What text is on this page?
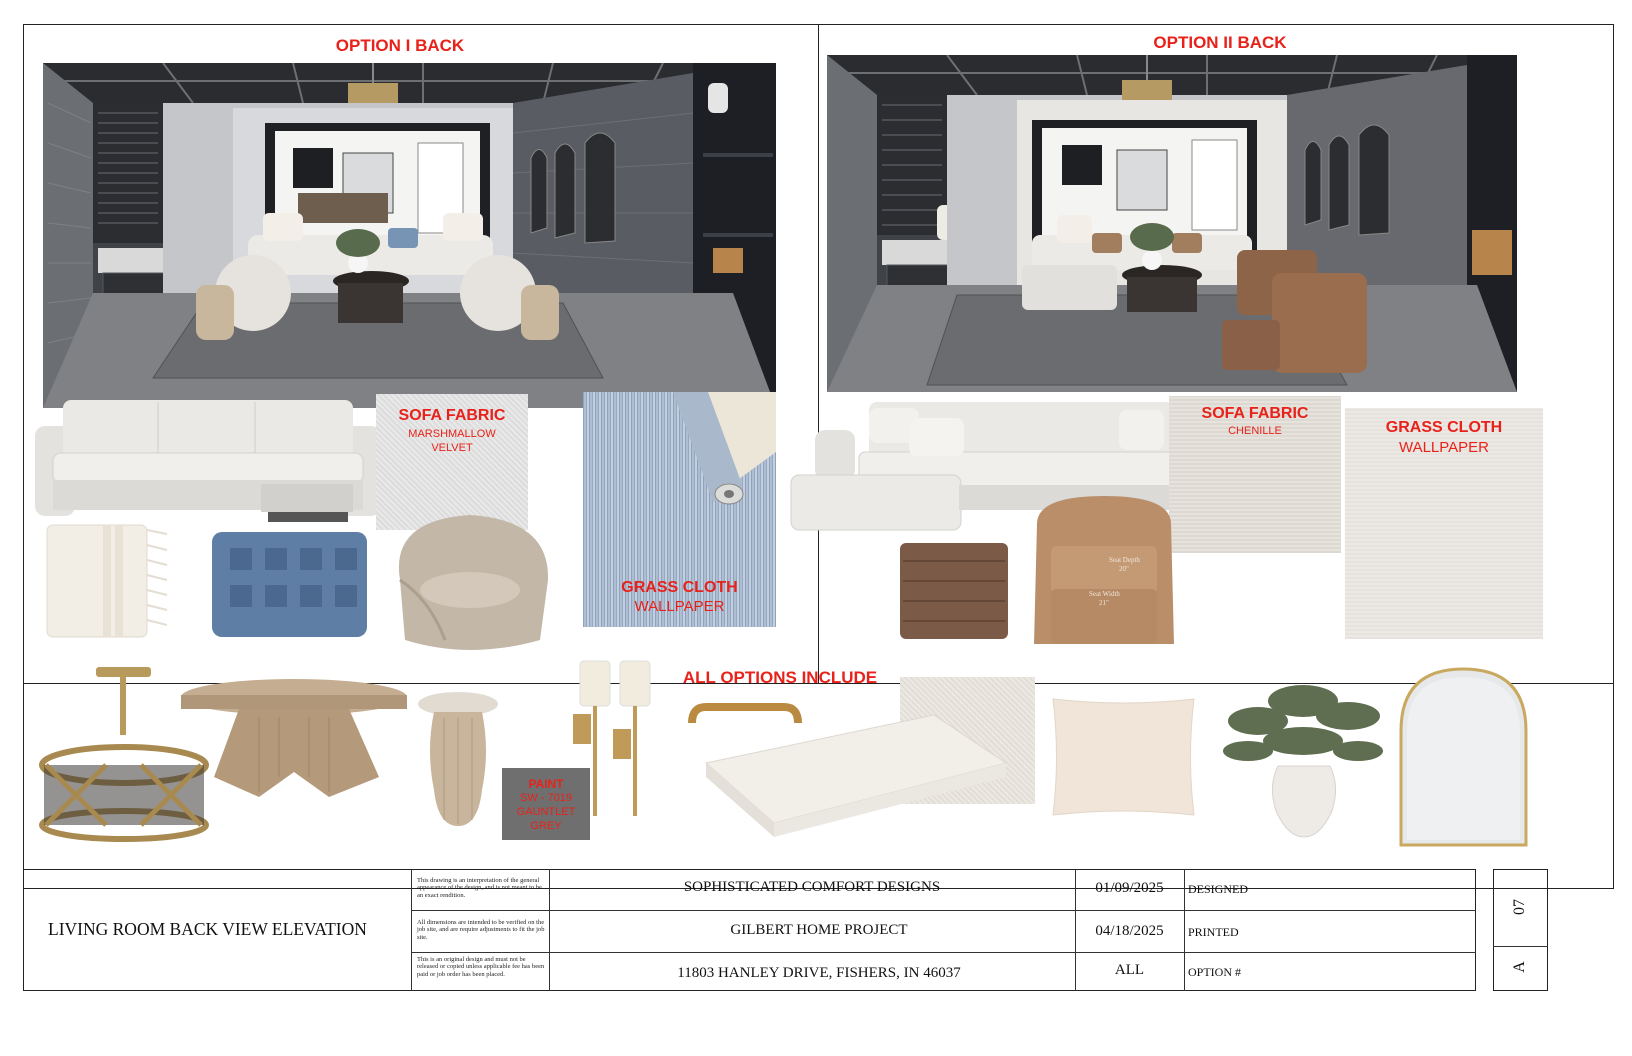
OPTION I BACK
SOFA FABRIC
MARSHMALLOW
VELVET
GRASS CLOTH
WALLPAPER
OPTION II BACK
SOFA FABRIC
CHENILLE	GRASS CLOTH
WALLPAPER
Seat Depth
20"
Seat Width
21"
ALL OPTIONS INCLUDE
PAINT
SW - 7019
GAUNTLET
GREY
LIVING ROOM BACK VIEW ELEVATION
This drawing is an interpretation of the general appearance of the design, and is not meant to be an exact rendition.
All dimensions are intended to be verified on the job site, and are require adjustments to fit the job site.
This is an original design and must not be released or copied unless applicable fee has been paid or job order has been placed.
SOPHISTICATED COMFORT DESIGNS
GILBERT HOME PROJECT
11803 HANLEY DRIVE, FISHERS, IN 46037
01/09/2025
04/18/2025
ALL
DESIGNED
PRINTED
OPTION #
07
A
